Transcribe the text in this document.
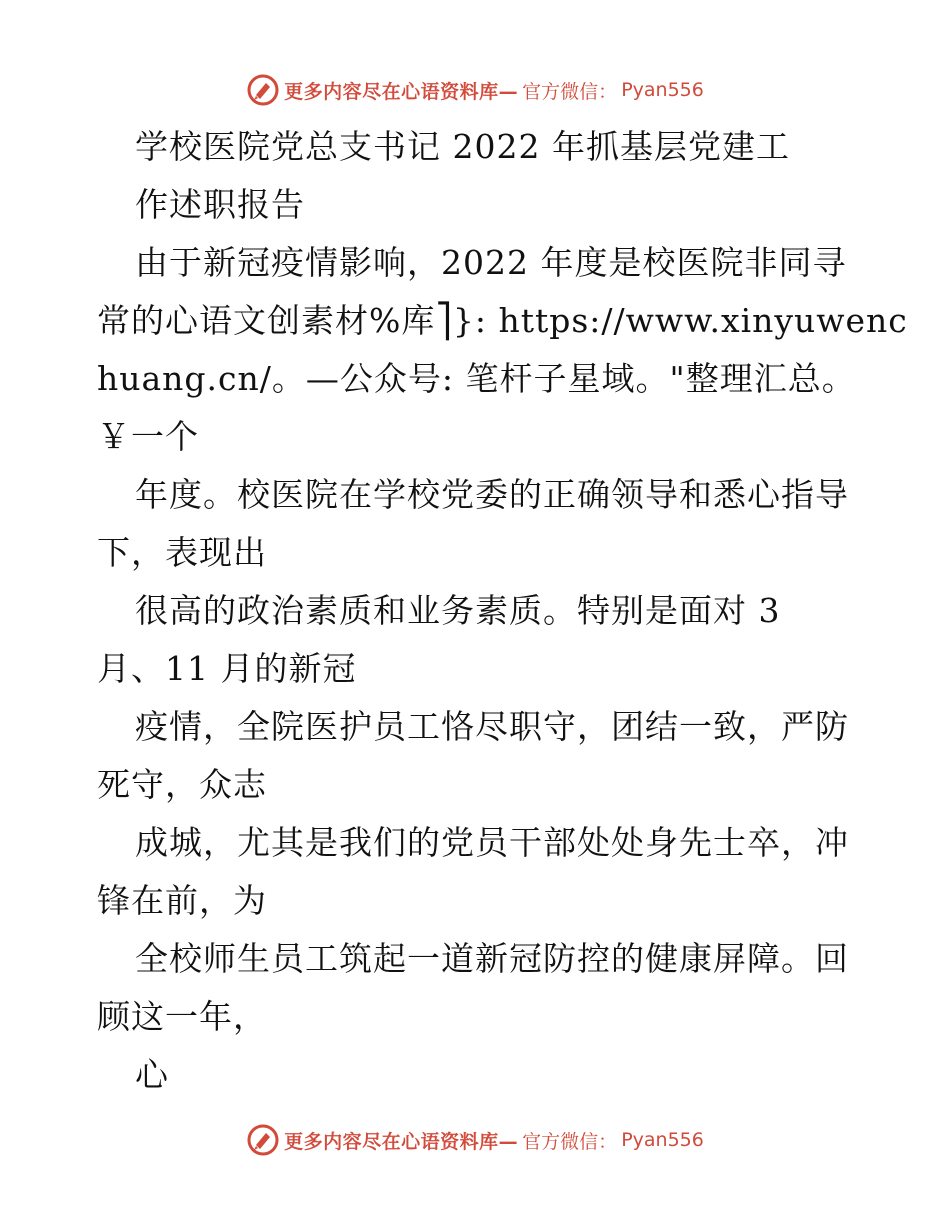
更多内容尽在心语资料库— 官方微信： Pyan556
学校医院党总支书记 2022 年抓基层党建工
作述职报告
由于新冠疫情影响，2022 年度是校医院非同寻
常的心语文创素材%库⎤}: https://www.xinyuwenc
huang.cn/。—公众号: 笔杆子星域。"整理汇总。
￥一个
年度。校医院在学校党委的正确领导和悉心指导
下，表现出
很高的政治素质和业务素质。特别是面对 3
月、11 月的新冠
疫情，全院医护员工恪尽职守，团结一致，严防
死守，众志
成城，尤其是我们的党员干部处处身先士卒，冲
锋在前，为
全校师生员工筑起一道新冠防控的健康屏障。回
顾这一年，
心
更多内容尽在心语资料库— 官方微信： Pyan556
